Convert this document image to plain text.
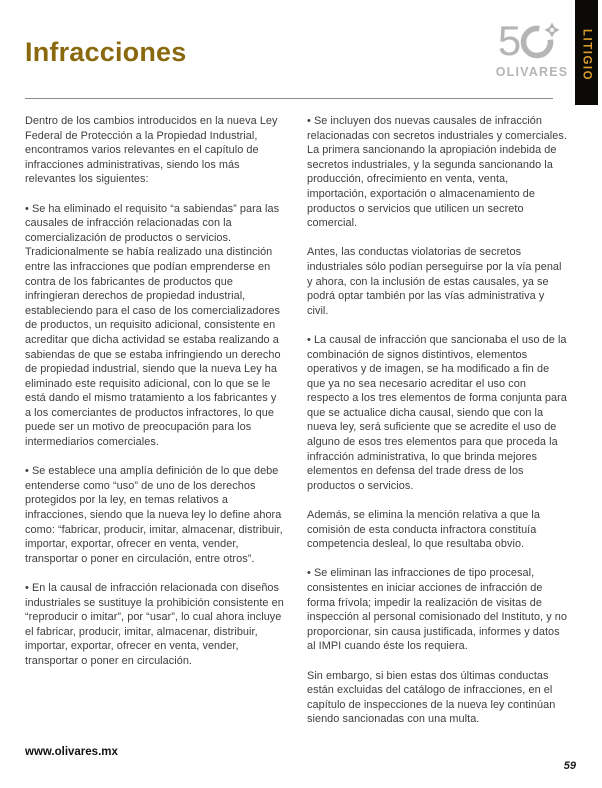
Infracciones	5
OLIVARES LITIGIO

Dentro de los cambios introducidos en la nueva Ley Federal de Protección a la Propiedad Industrial, encontramos varios relevantes en el capítulo de infracciones administrativas, siendo los más relevantes los siguientes:

• Se ha eliminado el requisito “a sabiendas” para las causales de infracción relacionadas con la comercialización de productos o servicios. Tradicionalmente se había realizado una distinción entre las infracciones que podían emprenderse en contra de los fabricantes de productos que infringieran derechos de propiedad industrial, estableciendo para el caso de los comercializadores de productos, un requisito adicional, consistente en acreditar que dicha actividad se estaba realizando a sabiendas de que se estaba infringiendo un derecho de propiedad industrial, siendo que la nueva Ley ha eliminado este requisito adicional, con lo que se le está dando el mismo tratamiento a los fabricantes y a los comerciantes de productos infractores, lo que puede ser un motivo de preocupación para los intermediarios comerciales.

• Se establece una amplía definición de lo que debe entenderse como “uso” de uno de los derechos protegidos por la ley, en temas relativos a infracciones, siendo que la nueva ley lo define ahora como: “fabricar, producir, imitar, almacenar, distribuir, importar, exportar, ofrecer en venta, vender, transportar o poner en circulación, entre otros”.

• En la causal de infracción relacionada con diseños industriales se sustituye la prohibición consistente en “reproducir o imitar”, por “usar”, lo cual ahora incluye el fabricar, producir, imitar, almacenar, distribuir, importar, exportar, ofrecer en venta, vender, transportar o poner en circulación.

• Se incluyen dos nuevas causales de infracción relacionadas con secretos industriales y comerciales. La primera sancionando la apropiación indebida de secretos industriales, y la segunda sancionando la producción, ofrecimiento en venta, venta, importación, exportación o almacenamiento de productos o servicios que utilicen un secreto comercial.

Antes, las conductas violatorias de secretos industriales sólo podían perseguirse por la vía penal y ahora, con la inclusión de estas causales, ya se podrá optar también por las vías administrativa y civil.

• La causal de infracción que sancionaba el uso de la combinación de signos distintivos, elementos operativos y de imagen, se ha modificado a fin de que ya no sea necesario acreditar el uso con respecto a los tres elementos de forma conjunta para que se actualice dicha causal, siendo que con la nueva ley, será suficiente que se acredite el uso de alguno de esos tres elementos para que proceda la infracción administrativa, lo que brinda mejores elementos en defensa del trade dress de los productos o servicios.

Además, se elimina la mención relativa a que la comisión de esta conducta infractora constituía competencia desleal, lo que resultaba obvio.

• Se eliminan las infracciones de tipo procesal, consistentes en iniciar acciones de infracción de forma frívola; impedir la realización de visitas de inspección al personal comisionado del Instituto, y no proporcionar, sin causa justificada, informes y datos al IMPI cuando éste los requiera.

Sin embargo, si bien estas dos últimas conductas están excluidas del catálogo de infracciones, en el capítulo de inspecciones de la nueva ley continúan siendo sancionadas con una multa.

www.olivares.mx
59
